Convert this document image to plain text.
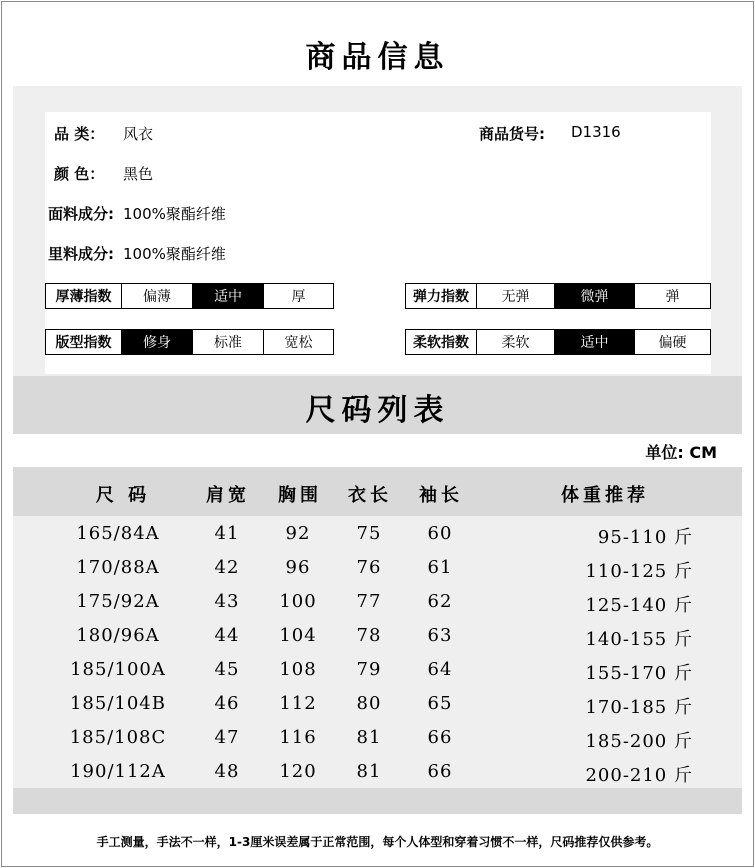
商品信息
品 类： 风衣
颜 色： 黑色
面料成分: 100%聚酯纤维
里料成分: 100%聚酯纤维
商品货号: D1316
厚薄指数	偏薄	适中	厚	弹力指数	无弹	微弹	弹
版型指数	修身	标准	宽松	柔软指数	柔软	适中	偏硬
尺码列表
单位: CM
尺 码	肩宽	胸围	衣长	袖长	体重推荐
165/84A	41	92	75	60	95-110 斤
170/88A	42	96	76	61	110-125 斤
175/92A	43	100	77	62	125-140 斤
180/96A	44	104	78	63	140-155 斤
185/100A	45	108	79	64	155-170 斤
185/104B	46	112	80	65	170-185 斤
185/108C	47	116	81	66	185-200 斤
190/112A	48	120	81	66	200-210 斤
手工测量，手法不一样，1-3厘米误差属于正常范围，每个人体型和穿着习惯不一样，尺码推荐仅供参考。
